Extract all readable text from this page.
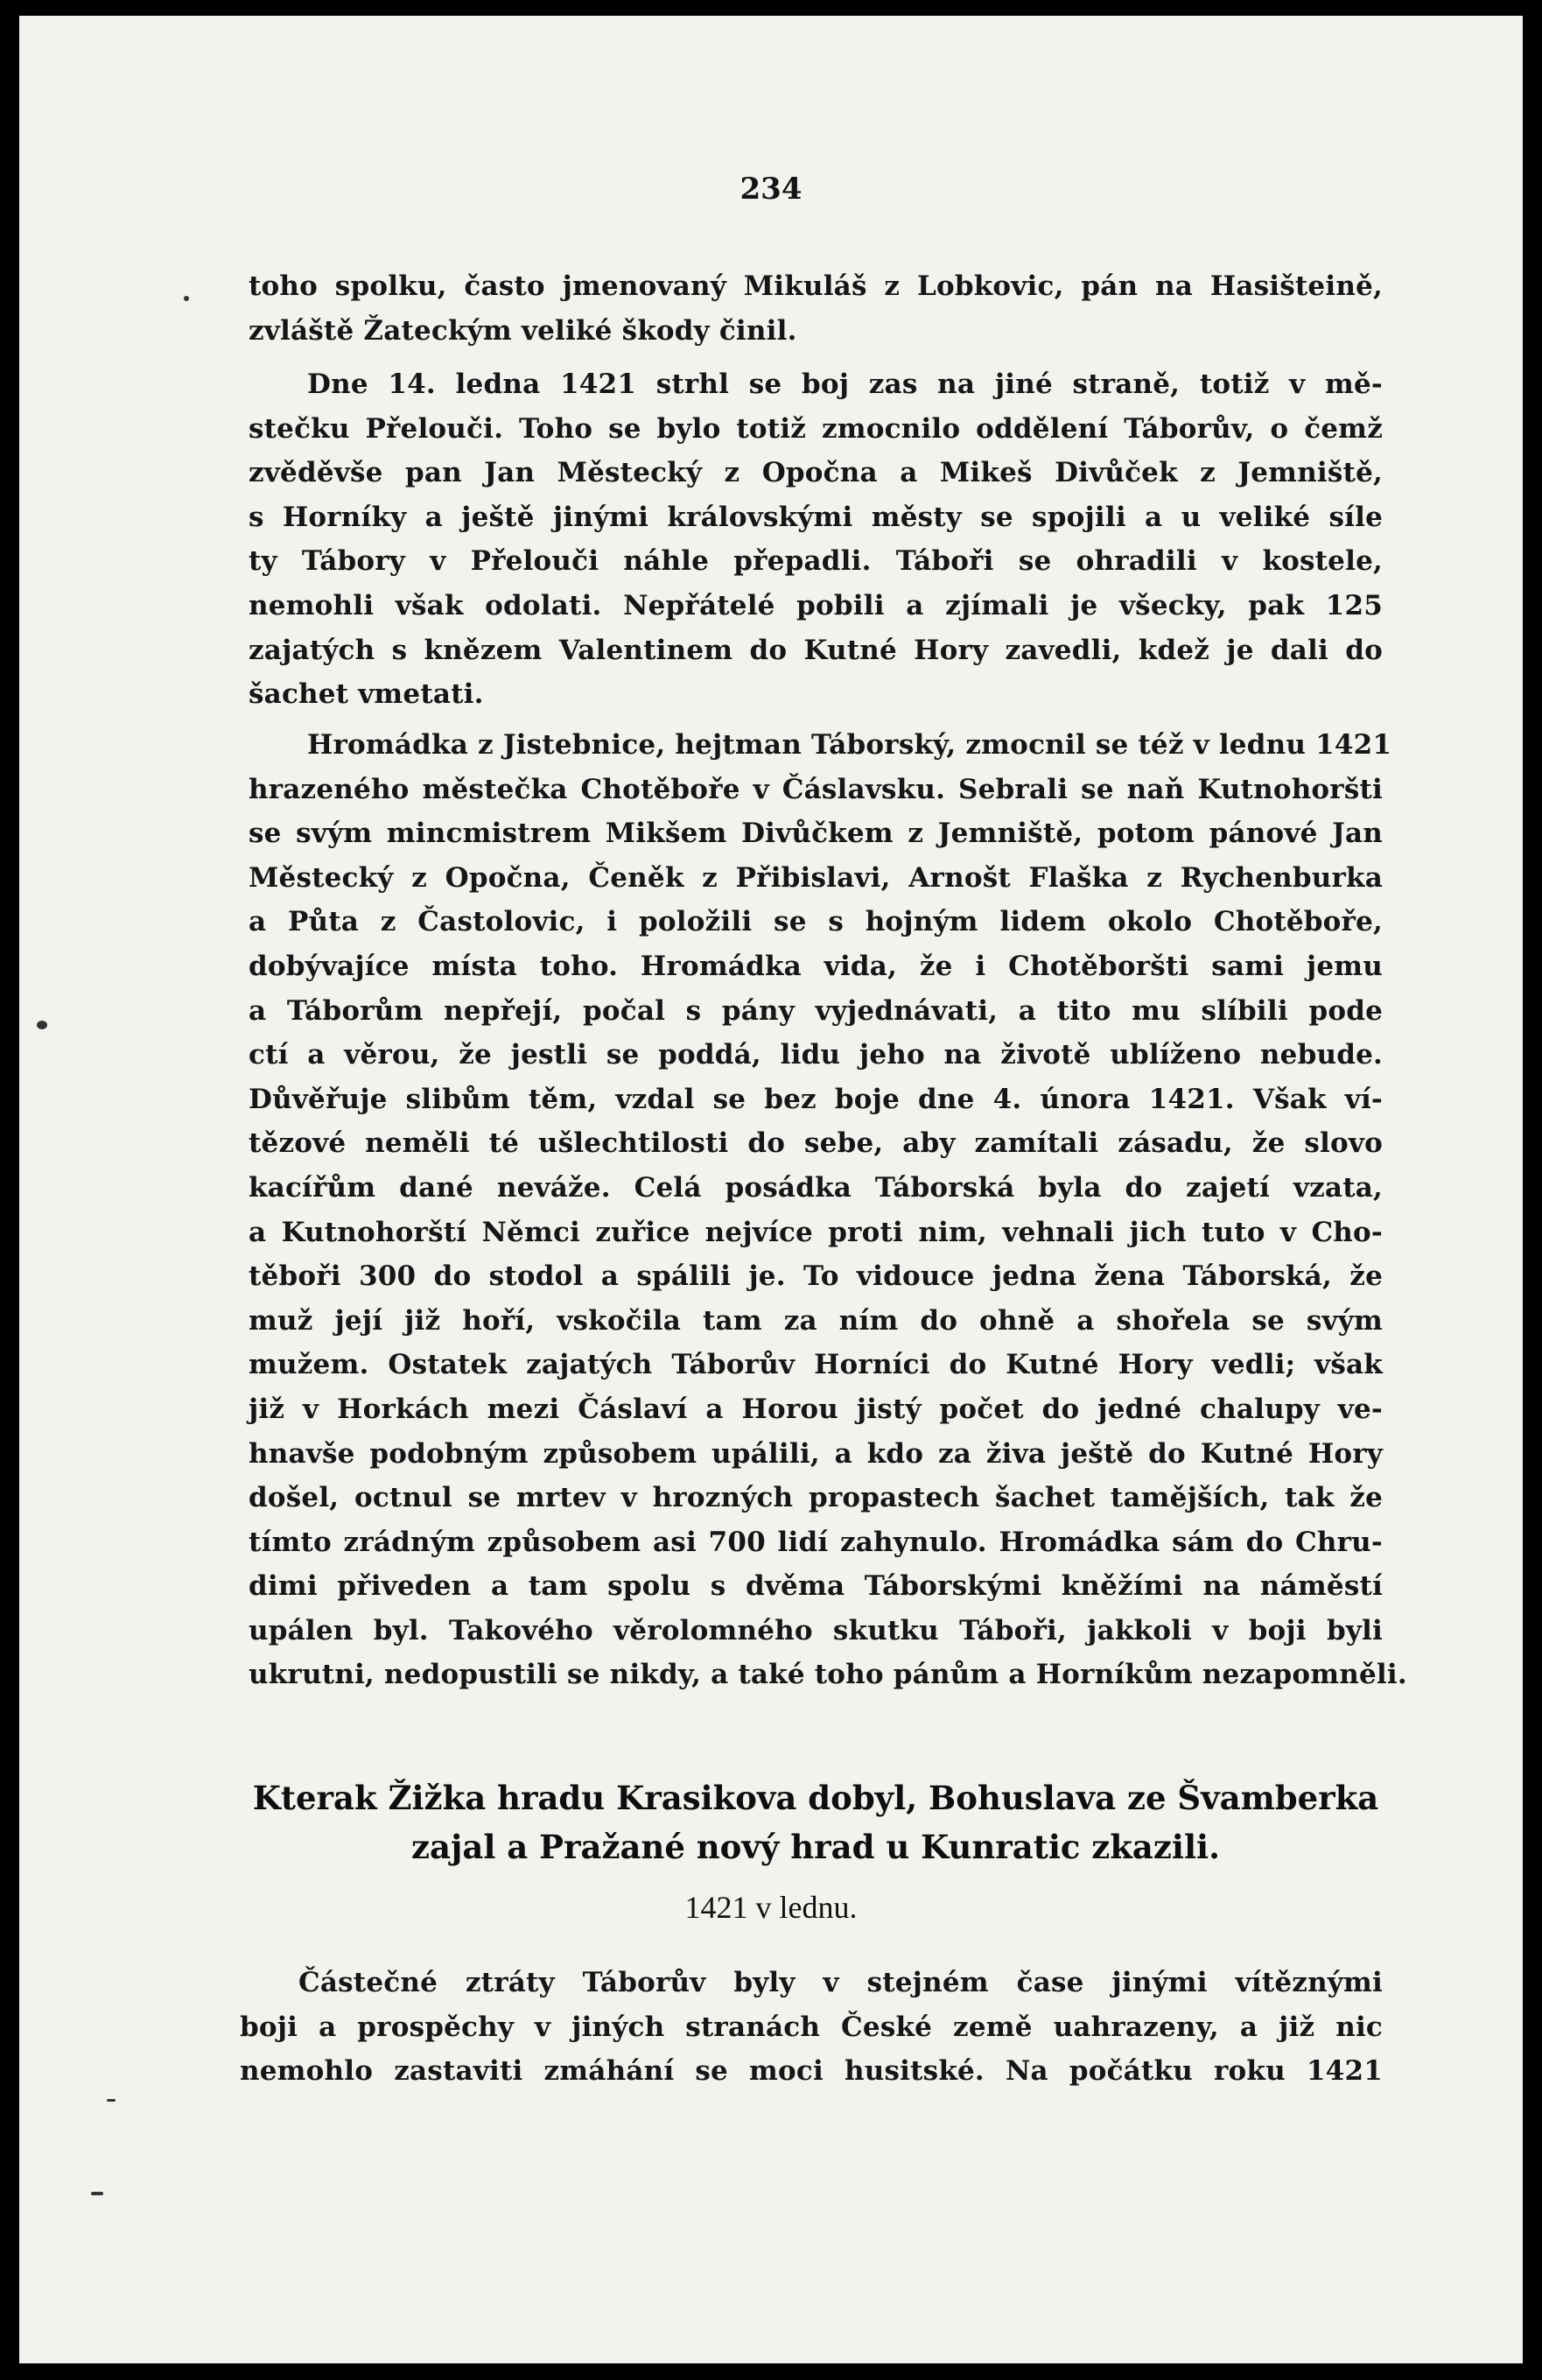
234

toho spolku, často jmenovaný Mikuláš z Lobkovic, pán na Hasišteině,
zvláště Žateckým veliké škody činil.

Dne 14. ledna 1421 strhl se boj zas na jiné straně, totiž v mě-
stečku Přelouči. Toho se bylo totiž zmocnilo oddělení Táborův, o čemž
zvěděvše pan Jan Městecký z Opočna a Mikeš Divůček z Jemniště,
s Horníky a ještě jinými královskými městy se spojili a u veliké síle
ty Tábory v Přelouči náhle přepadli. Táboři se ohradili v kostele,
nemohli však odolati. Nepřátelé pobili a zjímali je všecky, pak 125
zajatých s knězem Valentinem do Kutné Hory zavedli, kdež je dali do
šachet vmetati.

Hromádka z Jistebnice, hejtman Táborský, zmocnil se též v lednu 1421
hrazeného městečka Chotěboře v Čáslavsku. Sebrali se naň Kutnohoršti
se svým mincmistrem Mikšem Divůčkem z Jemniště, potom pánové Jan
Městecký z Opočna, Čeněk z Přibislavi, Arnošt Flaška z Rychenburka
a Půta z Častolovic, i položili se s hojným lidem okolo Chotěboře,
dobývajíce místa toho. Hromádka vida, že i Chotěboršti sami jemu
a Táborům nepřejí, počal s pány vyjednávati, a tito mu slíbili pode
ctí a věrou, že jestli se poddá, lidu jeho na životě ublíženo nebude.
Důvěřuje slibům těm, vzdal se bez boje dne 4. února 1421. Však ví-
tězové neměli té ušlechtilosti do sebe, aby zamítali zásadu, že slovo
kacířům dané neváže. Celá posádka Táborská byla do zajetí vzata,
a Kutnohorští Němci zuřice nejvíce proti nim, vehnali jich tuto v Cho-
těboři 300 do stodol a spálili je. To vidouce jedna žena Táborská, že
muž její již hoří, vskočila tam za ním do ohně a shořela se svým
mužem. Ostatek zajatých Táborův Horníci do Kutné Hory vedli; však
již v Horkách mezi Čáslaví a Horou jistý počet do jedné chalupy ve-
hnavše podobným způsobem upálili, a kdo za živa ještě do Kutné Hory
došel, octnul se mrtev v hrozných propastech šachet tamějších, tak že
tímto zrádným způsobem asi 700 lidí zahynulo. Hromádka sám do Chru-
dimi přiveden a tam spolu s dvěma Táborskými kněžími na náměstí
upálen byl. Takového věrolomného skutku Táboři, jakkoli v boji byli
ukrutni, nedopustili se nikdy, a také toho pánům a Horníkům nezapomněli.

Kterak Žižka hradu Krasikova dobyl, Bohuslava ze Švamberka
zajal a Pražané nový hrad u Kunratic zkazili.
1421 v lednu.

Částečné ztráty Táborův byly v stejném čase jinými vítěznými
boji a prospěchy v jiných stranách České země uahrazeny, a již nic
nemohlo zastaviti zmáhání se moci husitské. Na počátku roku 1421
